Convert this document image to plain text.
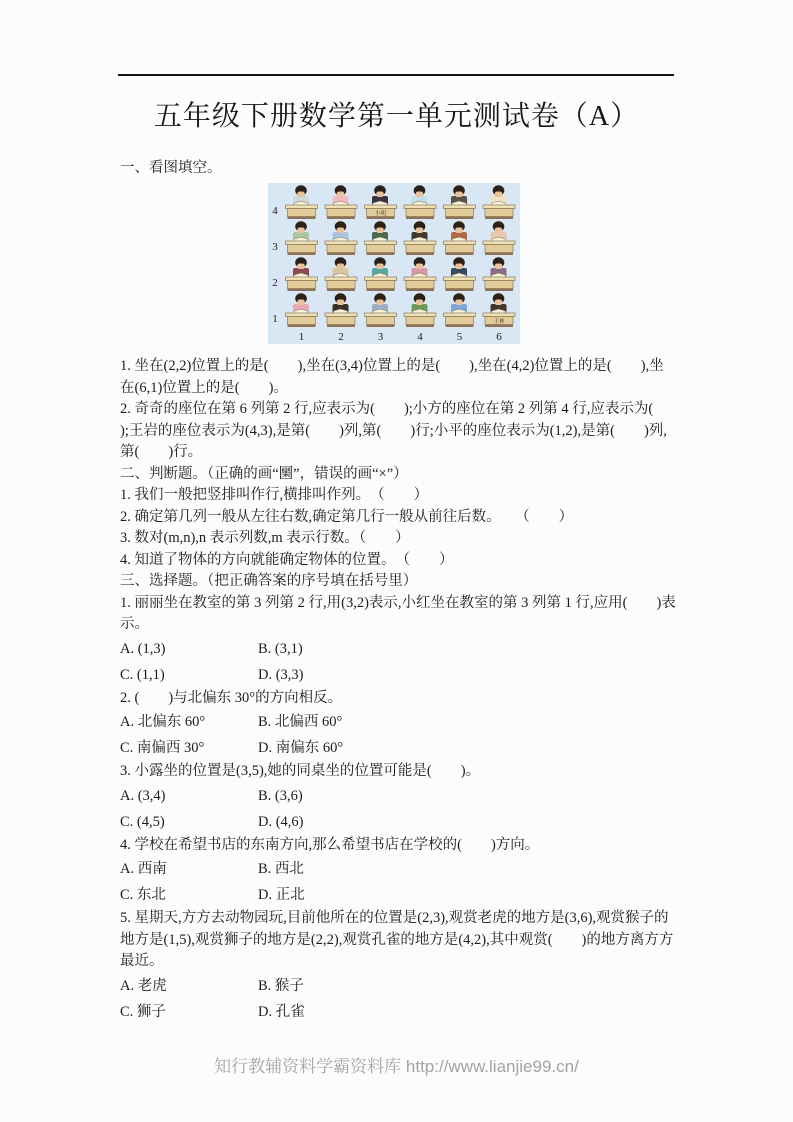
五年级下册数学第一单元测试卷（A）

一、看图填空。

4
3
2
1
1	2	3	4	5	6
小明
王林

1. 坐在(2,2)位置上的是(　　),坐在(3,4)位置上的是(　　),坐在(4,2)位置上的是(　　),坐在(6,1)位置上的是(　　)。

2. 奇奇的座位在第 6 列第 2 行,应表示为(　　);小方的座位在第 2 列第 4 行,应表示为(　　);王岩的座位表示为(4,3),是第(　　)列,第(　　)行;小平的座位表示为(1,2),是第(　　)列,第(　　)行。

二、判断题。（正确的画“圞”，错误的画“×”）

1. 我们一般把竖排叫作行,横排叫作列。　（　　）

2. 确定第几列一般从左往右数,确定第几行一般从前往后数。　　（　　）

3. 数对(m,n),n 表示列数,m 表示行数。（　　）

4. 知道了物体的方向就能确定物体的位置。　（　　）

三、选择题。（把正确答案的序号填在括号里）

1. 丽丽坐在教室的第 3 列第 2 行,用(3,2)表示,小红坐在教室的第 3 列第 1 行,应用(　　)表示。

A. (1,3)	B. (3,1)
C. (1,1)	D. (3,3)

2. (　　)与北偏东 30°的方向相反。

A. 北偏东 60°	B. 北偏西 60°
C. 南偏西 30°	D. 南偏东 60°

3. 小露坐的位置是(3,5),她的同桌坐的位置可能是(　　)。

A. (3,4)	B. (3,6)
C. (4,5)	D. (4,6)

4. 学校在希望书店的东南方向,那么希望书店在学校的(　　)方向。

A. 西南	B. 西北
C. 东北	D. 正北

5. 星期天,方方去动物园玩,目前他所在的位置是(2,3),观赏老虎的地方是(3,6),观赏猴子的地方是(1,5),观赏狮子的地方是(2,2),观赏孔雀的地方是(4,2),其中观赏(　　)的地方离方方最近。

A. 老虎	B. 猴子
C. 狮子	D. 孔雀
知行教辅资料学霸资料库 http://www.lianjie99.cn/
